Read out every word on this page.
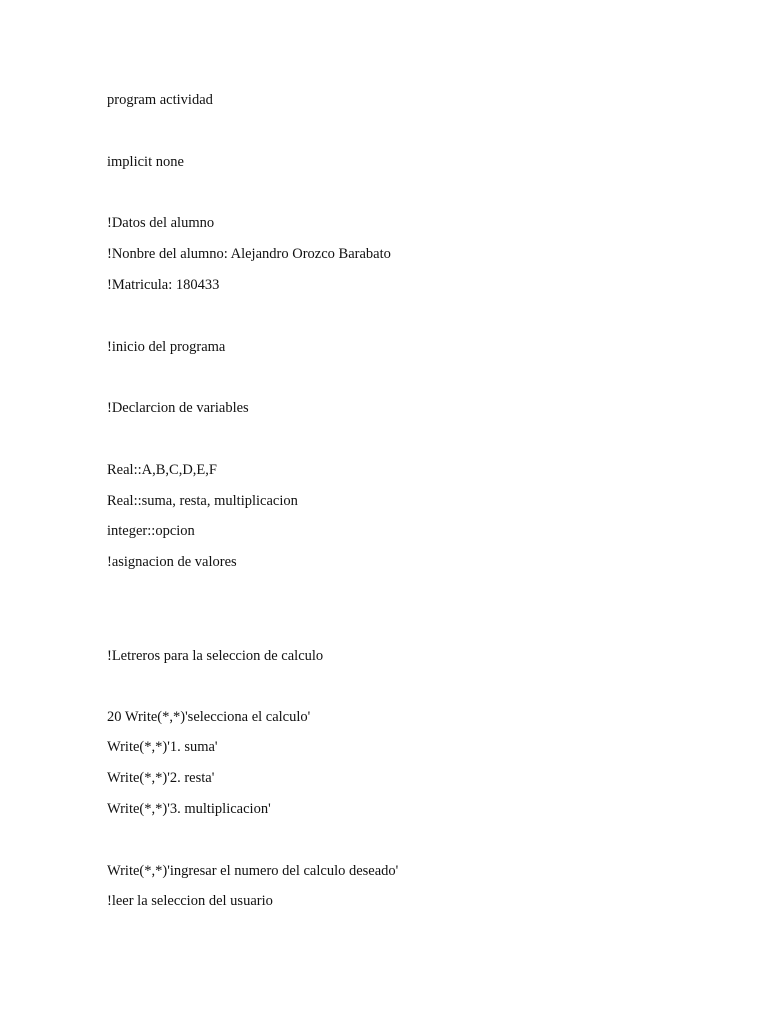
program actividad
implicit none
!Datos del alumno
!Nonbre del alumno: Alejandro Orozco Barabato
!Matricula: 180433
!inicio del programa
!Declarcion de variables
Real::A,B,C,D,E,F
Real::suma, resta, multiplicacion
integer::opcion
!asignacion de valores
!Letreros para la seleccion de calculo
20 Write(*,*)'selecciona el calculo'
Write(*,*)'1. suma'
Write(*,*)'2. resta'
Write(*,*)'3. multiplicacion'
Write(*,*)'ingresar el numero del calculo deseado'
!leer la seleccion del usuario
